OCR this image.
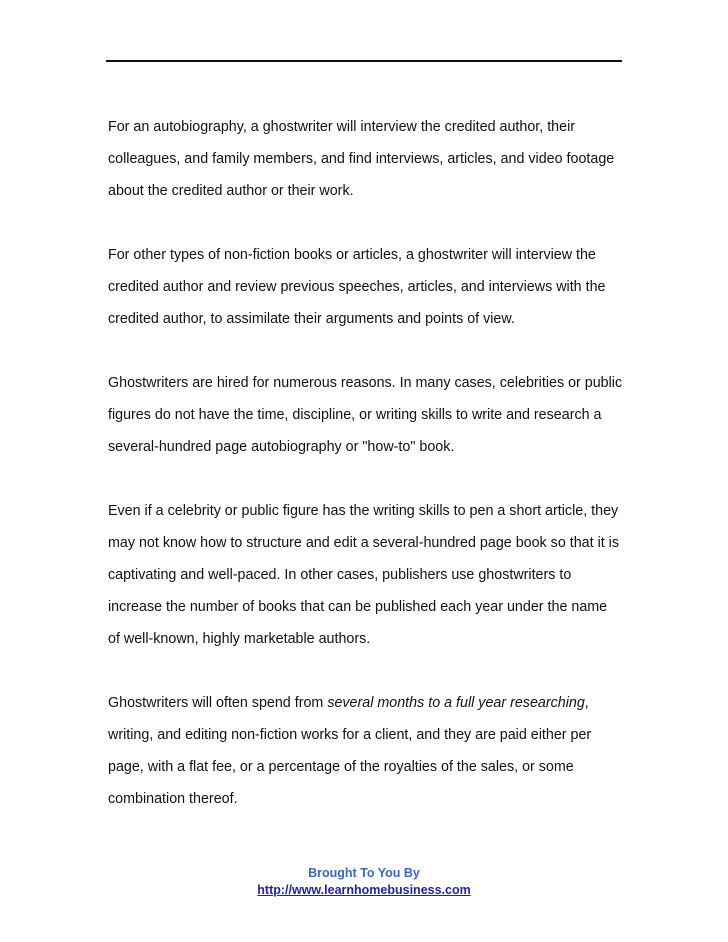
For an autobiography, a ghostwriter will interview the credited author, their
colleagues, and family members, and find interviews, articles, and video footage
about the credited author or their work.

For other types of non-fiction books or articles, a ghostwriter will interview the
credited author and review previous speeches, articles, and interviews with the
credited author, to assimilate their arguments and points of view.

Ghostwriters are hired for numerous reasons. In many cases, celebrities or public
figures do not have the time, discipline, or writing skills to write and research a
several-hundred page autobiography or "how-to" book.

Even if a celebrity or public figure has the writing skills to pen a short article, they
may not know how to structure and edit a several-hundred page book so that it is
captivating and well-paced. In other cases, publishers use ghostwriters to
increase the number of books that can be published each year under the name
of well-known, highly marketable authors.

Ghostwriters will often spend from several months to a full year researching,
writing, and editing non-fiction works for a client, and they are paid either per
page, with a flat fee, or a percentage of the royalties of the sales, or some
combination thereof.

Brought To You By
http://www.learnhomebusiness.com
